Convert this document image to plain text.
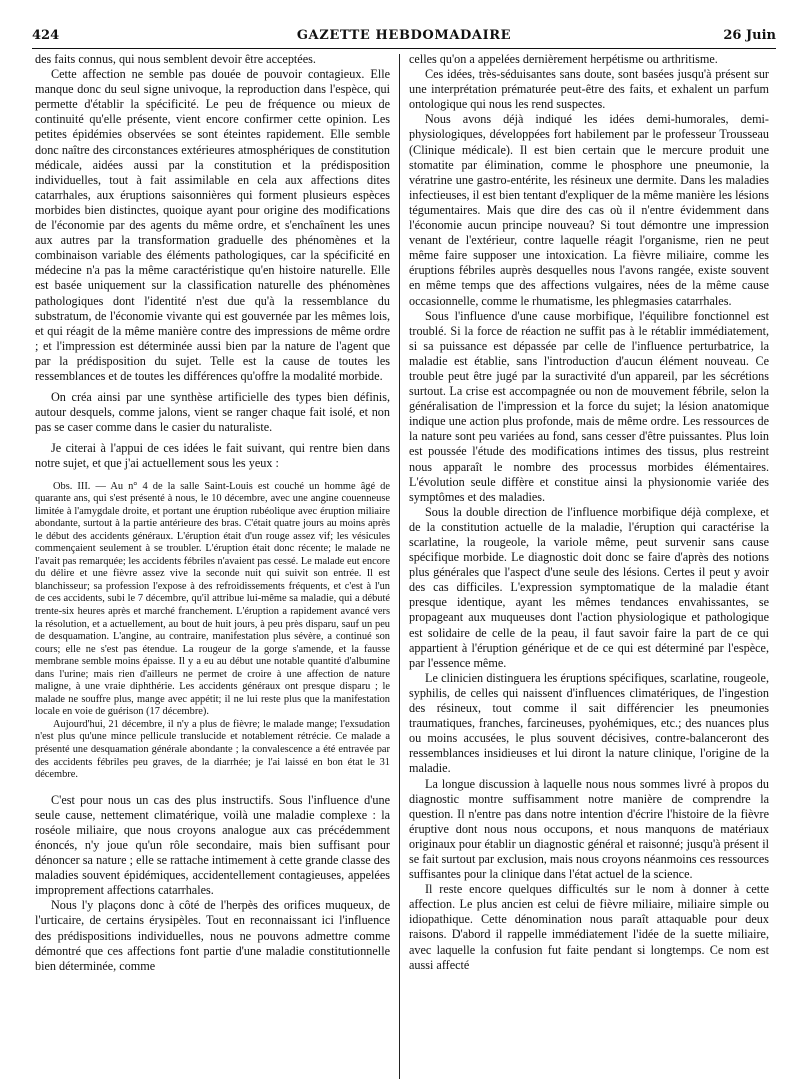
424	GAZETTE HEBDOMADAIRE	26 Juin

des faits connus, qui nous semblent devoir être acceptées.

Cette affection ne semble pas douée de pouvoir contagieux. Elle manque donc du seul signe univoque, la reproduction dans l'espèce, qui permette d'établir la spécificité. Le peu de fréquence ou mieux de continuité qu'elle présente, vient encore confirmer cette opinion. Les petites épidémies observées se sont éteintes rapidement. Elle semble donc naître des circonstances extérieures atmosphériques de constitution médicale, aidées aussi par la constitution et la prédisposition individuelles, tout à fait assimilable en cela aux affections dites catarrhales, aux éruptions saisonnières qui forment plusieurs espèces morbides bien distinctes, quoique ayant pour origine des modifications de l'économie par des agents du même ordre, et s'enchaînent les unes aux autres par la transformation graduelle des phénomènes et la combinaison variable des éléments pathologiques, car la spécificité en médecine n'a pas la même caractéristique qu'en histoire naturelle. Elle est basée uniquement sur la classification naturelle des phénomènes pathologiques dont l'identité n'est due qu'à la ressemblance du substratum, de l'économie vivante qui est gouvernée par les mêmes lois, et qui réagit de la même manière contre des impressions de même ordre ; et l'impression est déterminée aussi bien par la nature de l'agent que par la prédisposition du sujet. Telle est la cause de toutes les ressemblances et de toutes les différences qu'offre la modalité morbide.

On créa ainsi par une synthèse artificielle des types bien définis, autour desquels, comme jalons, vient se ranger chaque fait isolé, et non pas se caser comme dans le casier du naturaliste.

Je citerai à l'appui de ces idées le fait suivant, qui rentre bien dans notre sujet, et que j'ai actuellement sous les yeux :

Obs. III. — Au n° 4 de la salle Saint-Louis est couché un homme âgé de quarante ans, qui s'est présenté à nous, le 10 décembre, avec une angine couenneuse limitée à l'amygdale droite, et portant une éruption rubéolique avec éruption miliaire abondante, surtout à la partie antérieure des bras. C'était quatre jours au moins après le début des accidents généraux. L'éruption était d'un rouge assez vif; les vésicules commençaient seulement à se troubler. L'éruption était donc récente; le malade ne l'avait pas remarquée; les accidents fébriles n'avaient pas cessé. Le malade eut encore du délire et une fièvre assez vive la seconde nuit qui suivit son entrée. Il est blanchisseur; sa profession l'expose à des refroidissements fréquents, et c'est à l'un de ces accidents, subi le 7 décembre, qu'il attribue lui-même sa maladie, qui a débuté trente-six heures après et marché franchement. L'éruption a rapidement avancé vers la résolution, et a actuellement, au bout de huit jours, à peu près disparu, sauf un peu de desquamation. L'angine, au contraire, manifestation plus sévère, a continué son cours; elle ne s'est pas étendue. La rougeur de la gorge s'amende, et la fausse membrane semble moins épaisse. Il y a eu au début une notable quantité d'albumine dans l'urine; mais rien d'ailleurs ne permet de croire à une affection de nature maligne, à une vraie diphthérie. Les accidents généraux ont presque disparu ; le malade ne souffre plus, mange avec appétit; il ne lui reste plus que la manifestation locale en voie de guérison (17 décembre).

Aujourd'hui, 21 décembre, il n'y a plus de fièvre; le malade mange; l'exsudation n'est plus qu'une mince pellicule translucide et notablement rétrécie. Ce malade a présenté une desquamation générale abondante ; la convalescence a été entravée par des accidents fébriles peu graves, de la diarrhée; je l'ai laissé en bon état le 31 décembre.

C'est pour nous un cas des plus instructifs. Sous l'influence d'une seule cause, nettement climatérique, voilà une maladie complexe : la roséole miliaire, que nous croyons analogue aux cas précédemment énoncés, n'y joue qu'un rôle secondaire, mais bien suffisant pour dénoncer sa nature ; elle se rattache intimement à cette grande classe des maladies souvent épidémiques, accidentellement contagieuses, appelées improprement affections catarrhales.

Nous l'y plaçons donc à côté de l'herpès des orifices muqueux, de l'urticaire, de certains érysipèles. Tout en reconnaissant ici l'influence des prédispositions individuelles, nous ne pouvons admettre comme démontré que ces affections font partie d'une maladie constitutionnelle bien déterminée, comme

celles qu'on a appelées dernièrement herpétisme ou arthritisme.

Ces idées, très-séduisantes sans doute, sont basées jusqu'à présent sur une interprétation prématurée peut-être des faits, et exhalent un parfum ontologique qui nous les rend suspectes.

Nous avons déjà indiqué les idées demi-humorales, demi-physiologiques, développées fort habilement par le professeur Trousseau (Clinique médicale). Il est bien certain que le mercure produit une stomatite par élimination, comme le phosphore une pneumonie, la vératrine une gastro-entérite, les résineux une dermite. Dans les maladies infectieuses, il est bien tentant d'expliquer de la même manière les lésions tégumentaires. Mais que dire des cas où il n'entre évidemment dans l'économie aucun principe nouveau? Si tout démontre une impression venant de l'extérieur, contre laquelle réagit l'organisme, rien ne peut même faire supposer une intoxication. La fièvre miliaire, comme les éruptions fébriles auprès desquelles nous l'avons rangée, existe souvent en même temps que des affections vulgaires, nées de la même cause occasionnelle, comme le rhumatisme, les phlegmasies catarrhales.

Sous l'influence d'une cause morbifique, l'équilibre fonctionnel est troublé. Si la force de réaction ne suffit pas à le rétablir immédiatement, si sa puissance est dépassée par celle de l'influence perturbatrice, la maladie est établie, sans l'introduction d'aucun élément nouveau. Ce trouble peut être jugé par la suractivité d'un appareil, par les sécrétions surtout. La crise est accompagnée ou non de mouvement fébrile, selon la généralisation de l'impression et la force du sujet; la lésion anatomique indique une action plus profonde, mais de même ordre. Les ressources de la nature sont peu variées au fond, sans cesser d'être puissantes. Plus loin est poussée l'étude des modifications intimes des tissus, plus restreint nous apparaît le nombre des processus morbides élémentaires. L'évolution seule diffère et constitue ainsi la physionomie variée des symptômes et des maladies.

Sous la double direction de l'influence morbifique déjà complexe, et de la constitution actuelle de la maladie, l'éruption qui caractérise la scarlatine, la rougeole, la variole même, peut survenir sans cause spécifique morbide. Le diagnostic doit donc se faire d'après des notions plus générales que l'aspect d'une seule des lésions. Certes il peut y avoir des cas difficiles. L'expression symptomatique de la maladie étant presque identique, ayant les mêmes tendances envahissantes, se propageant aux muqueuses dont l'action physiologique et pathologique est solidaire de celle de la peau, il faut savoir faire la part de ce qui appartient à l'éruption générique et de ce qui est déterminé par l'espèce, par l'essence même.

Le clinicien distinguera les éruptions spécifiques, scarlatine, rougeole, syphilis, de celles qui naissent d'influences climatériques, de l'ingestion des résineux, tout comme il sait différencier les pneumonies traumatiques, franches, farcineuses, pyohémiques, etc.; des nuances plus ou moins accusées, le plus souvent décisives, contre-balanceront des ressemblances insidieuses et lui diront la nature clinique, l'origine de la maladie.

La longue discussion à laquelle nous nous sommes livré à propos du diagnostic montre suffisamment notre manière de comprendre la question. Il n'entre pas dans notre intention d'écrire l'histoire de la fièvre éruptive dont nous nous occupons, et nous manquons de matériaux originaux pour établir un diagnostic général et raisonné; jusqu'à présent il se fait surtout par exclusion, mais nous croyons néanmoins ces ressources suffisantes pour la clinique dans l'état actuel de la science.

Il reste encore quelques difficultés sur le nom à donner à cette affection. Le plus ancien est celui de fièvre miliaire, miliaire simple ou idiopathique. Cette dénomination nous paraît attaquable pour deux raisons. D'abord il rappelle immédiatement l'idée de la suette miliaire, avec laquelle la confusion fut faite pendant si longtemps. Ce nom est aussi affecté
